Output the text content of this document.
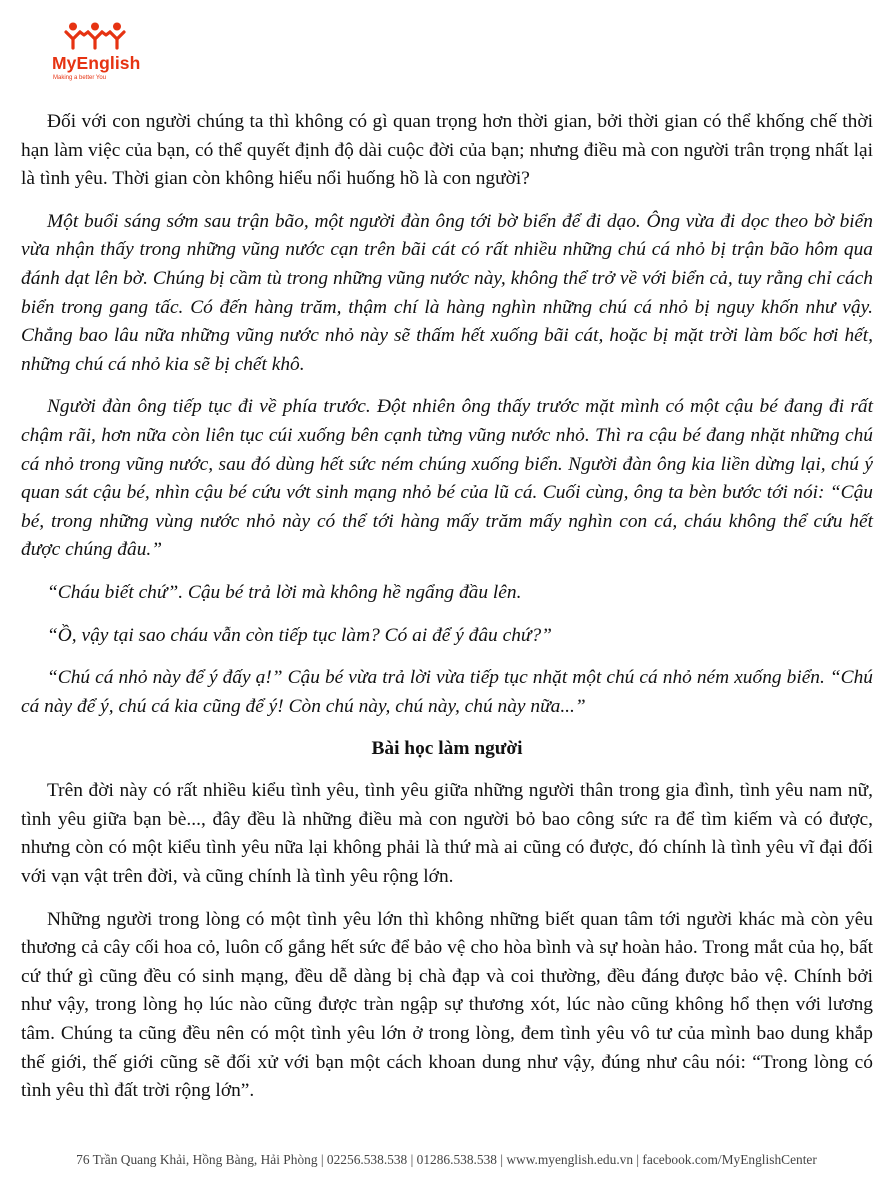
MyEnglish
Making a better You

Đối với con người chúng ta thì không có gì quan trọng hơn thời gian, bởi thời gian có thể khống chế thời hạn làm việc của bạn, có thể quyết định độ dài cuộc đời của bạn; nhưng điều mà con người trân trọng nhất lại là tình yêu. Thời gian còn không hiểu nổi huống hồ là con người?

Một buổi sáng sớm sau trận bão, một người đàn ông tới bờ biển để đi dạo. Ông vừa đi dọc theo bờ biển vừa nhận thấy trong những vũng nước cạn trên bãi cát có rất nhiều những chú cá nhỏ bị trận bão hôm qua đánh dạt lên bờ. Chúng bị cầm tù trong những vũng nước này, không thể trở về với biển cả, tuy rằng chỉ cách biển trong gang tấc. Có đến hàng trăm, thậm chí là hàng nghìn những chú cá nhỏ bị nguy khốn như vậy. Chẳng bao lâu nữa những vũng nước nhỏ này sẽ thấm hết xuống bãi cát, hoặc bị mặt trời làm bốc hơi hết, những chú cá nhỏ kia sẽ bị chết khô.

Người đàn ông tiếp tục đi về phía trước. Đột nhiên ông thấy trước mặt mình có một cậu bé đang đi rất chậm rãi, hơn nữa còn liên tục cúi xuống bên cạnh từng vũng nước nhỏ. Thì ra cậu bé đang nhặt những chú cá nhỏ trong vũng nước, sau đó dùng hết sức ném chúng xuống biển. Người đàn ông kia liền dừng lại, chú ý quan sát cậu bé, nhìn cậu bé cứu vớt sinh mạng nhỏ bé của lũ cá. Cuối cùng, ông ta bèn bước tới nói: “Cậu bé, trong những vùng nước nhỏ này có thể tới hàng mấy trăm mấy nghìn con cá, cháu không thể cứu hết được chúng đâu.”

“Cháu biết chứ”. Cậu bé trả lời mà không hề ngẩng đầu lên.

“Ồ, vậy tại sao cháu vẫn còn tiếp tục làm? Có ai để ý đâu chứ?”

“Chú cá nhỏ này để ý đấy ạ!” Cậu bé vừa trả lời vừa tiếp tục nhặt một chú cá nhỏ ném xuống biển. “Chú cá này để ý, chú cá kia cũng để ý! Còn chú này, chú này, chú này nữa...”

Bài học làm người

Trên đời này có rất nhiều kiểu tình yêu, tình yêu giữa những người thân trong gia đình, tình yêu nam nữ, tình yêu giữa bạn bè..., đây đều là những điều mà con người bỏ bao công sức ra để tìm kiếm và có được, nhưng còn có một kiểu tình yêu nữa lại không phải là thứ mà ai cũng có được, đó chính là tình yêu vĩ đại đối với vạn vật trên đời, và cũng chính là tình yêu rộng lớn.

Những người trong lòng có một tình yêu lớn thì không những biết quan tâm tới người khác mà còn yêu thương cả cây cối hoa cỏ, luôn cố gắng hết sức để bảo vệ cho hòa bình và sự hoàn hảo. Trong mắt của họ, bất cứ thứ gì cũng đều có sinh mạng, đều dễ dàng bị chà đạp và coi thường, đều đáng được bảo vệ. Chính bởi như vậy, trong lòng họ lúc nào cũng được tràn ngập sự thương xót, lúc nào cũng không hổ thẹn với lương tâm. Chúng ta cũng đều nên có một tình yêu lớn ở trong lòng, đem tình yêu vô tư của mình bao dung khắp thế giới, thế giới cũng sẽ đối xử với bạn một cách khoan dung như vậy, đúng như câu nói: “Trong lòng có tình yêu thì đất trời rộng lớn”.

76 Trần Quang Khải, Hồng Bàng, Hải Phòng | 02256.538.538 | 01286.538.538 | www.myenglish.edu.vn | facebook.com/MyEnglishCenter
